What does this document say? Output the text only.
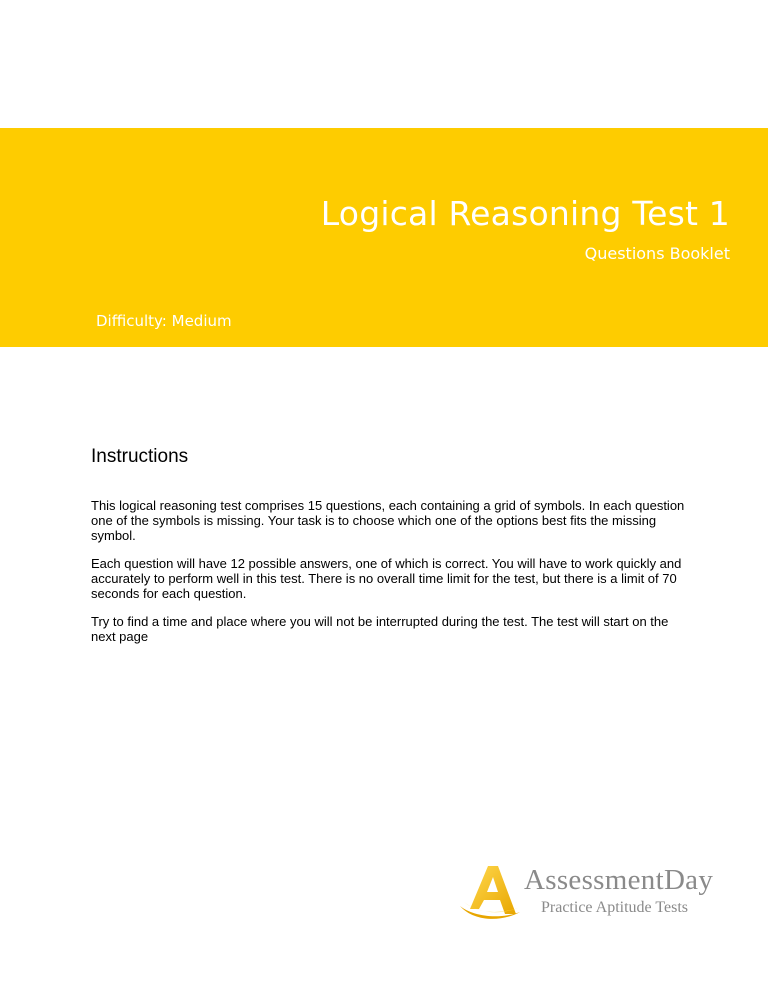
Logical Reasoning Test 1
Questions Booklet
Difficulty: Medium
Instructions

This logical reasoning test comprises 15 questions, each containing a grid of symbols. In each question one of the symbols is missing. Your task is to choose which one of the options best fits the missing symbol.

Each question will have 12 possible answers, one of which is correct. You will have to work quickly and accurately to perform well in this test. There is no overall time limit for the test, but there is a limit of 70 seconds for each question.

Try to find a time and place where you will not be interrupted during the test. The test will start on the next page

AssessmentDay
Practice Aptitude Tests
